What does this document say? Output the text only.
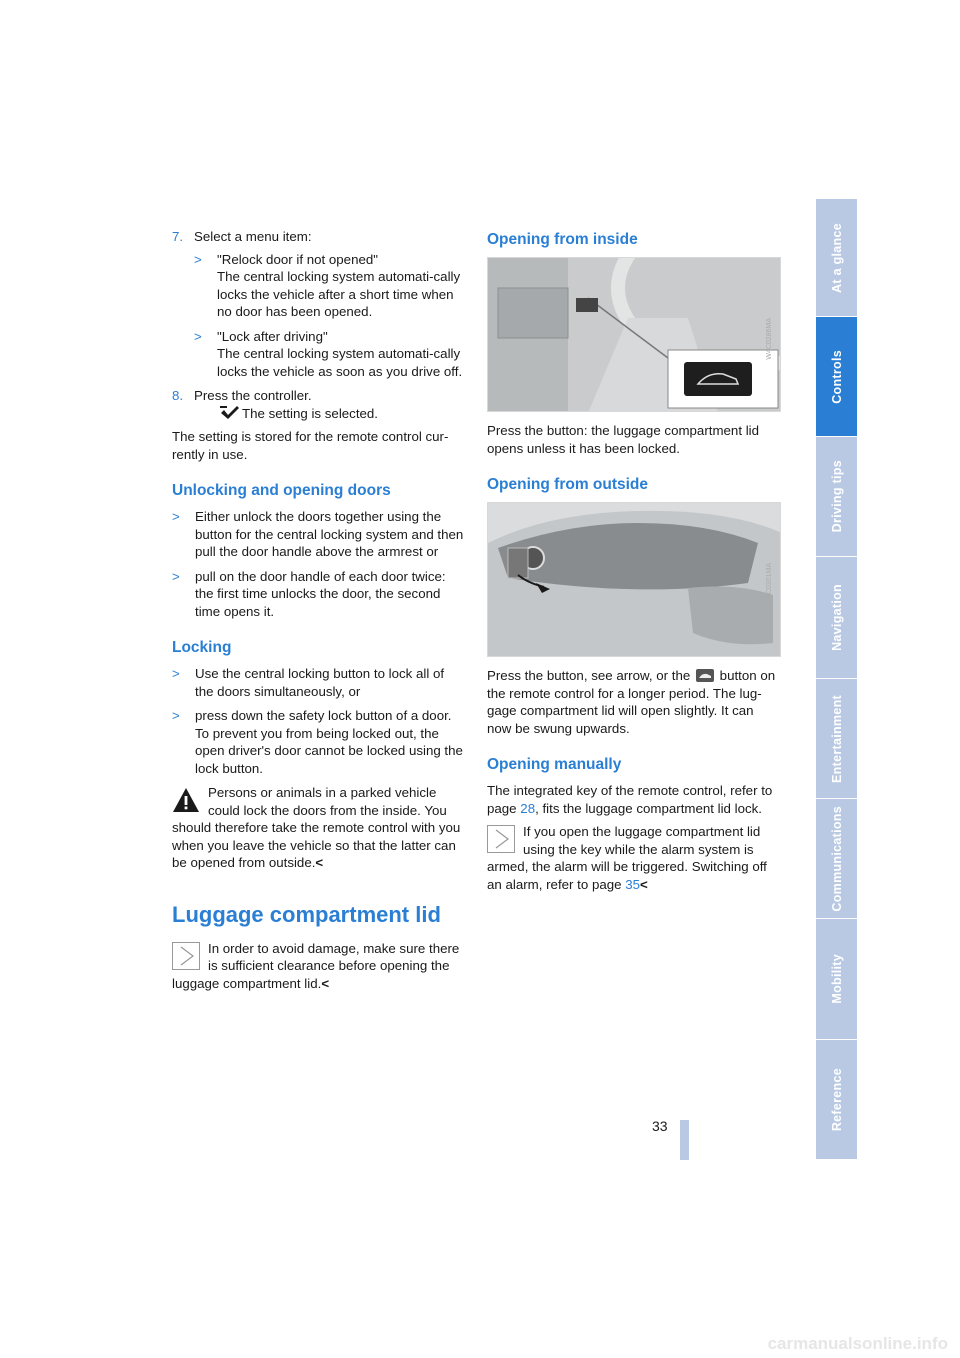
7. Select a menu item:
> "Relock door if not opened"
The central locking system automati-cally locks the vehicle after a short time when no door has been opened.
> "Lock after driving"
The central locking system automati-cally locks the vehicle as soon as you drive off.
8. Press the controller.
The setting is selected.

The setting is stored for the remote control cur-rently in use.

Unlocking and opening doors
> Either unlock the doors together using the button for the central locking system and then pull the door handle above the armrest or
> pull on the door handle of each door twice: the first time unlocks the door, the second time opens it.
Locking
> Use the central locking button to lock all of the doors simultaneously, or
> press down the safety lock button of a door. To prevent you from being locked out, the open driver's door cannot be locked using the lock button.
Persons or animals in a parked vehicle could lock the doors from the inside. You should therefore take the remote control with you when you leave the vehicle so that the latter can be opened from outside.<
Luggage compartment lid
In order to avoid damage, make sure there is sufficient clearance before opening the luggage compartment lid.<
Opening from inside
W4C0286MA

Press the button: the luggage compartment lid opens unless it has been locked.

Opening from outside
W4C0301MA

Press the button, see arrow, or the button on the remote control for a longer period. The lug-gage compartment lid will open slightly. It can now be swung upwards.

Opening manually

The integrated key of the remote control, refer to page 28, fits the luggage compartment lid lock.

If you open the luggage compartment lid using the key while the alarm system is armed, the alarm will be triggered. Switching off an alarm, refer to page 35<
At a glance
Controls
Driving tips
Navigation
Entertainment
Communications
Mobility
Reference
33
carmanualsonline.info
